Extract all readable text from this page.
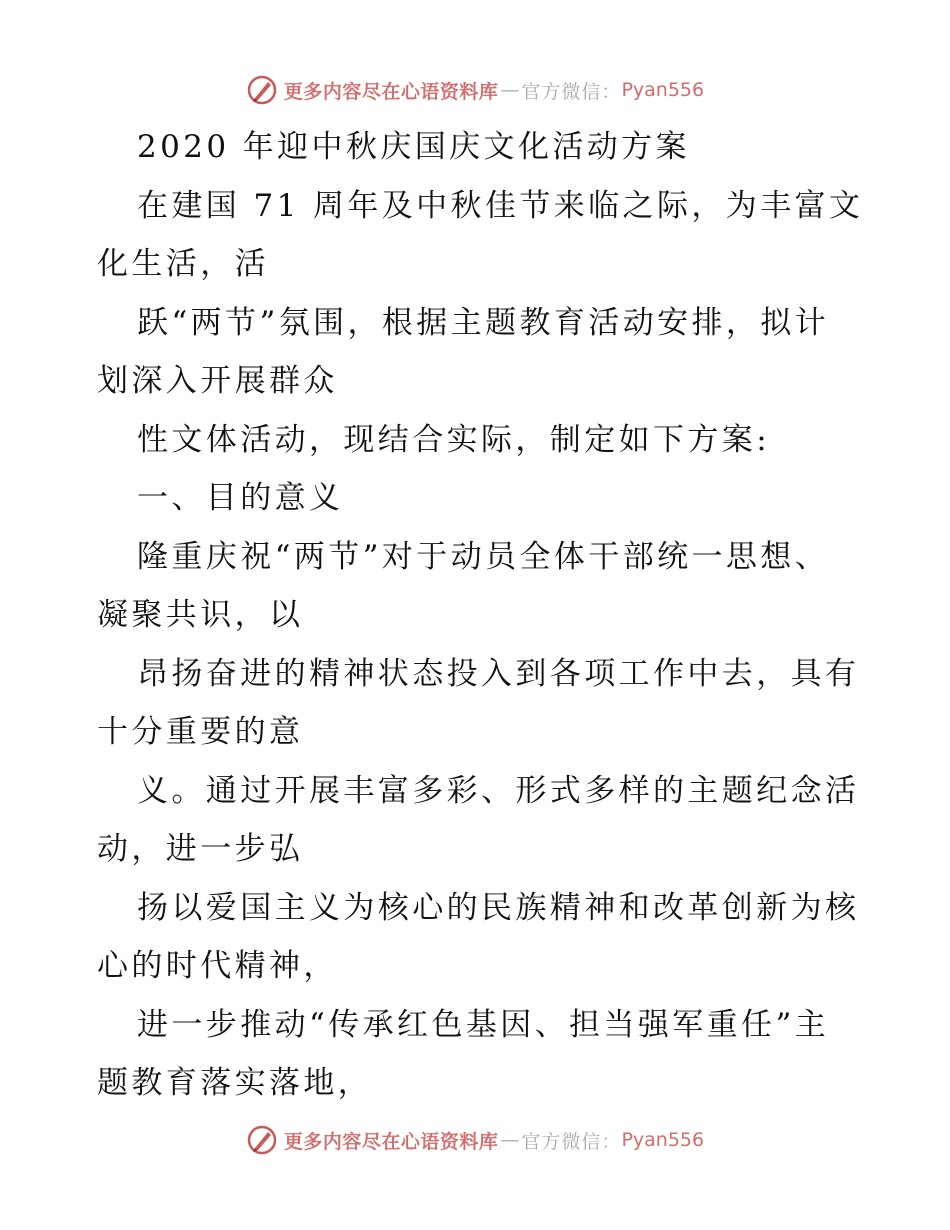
更多内容尽在心语资料库 — 官方微信： Pyan556
2020 年迎中秋庆国庆文化活动方案
在建国 71 周年及中秋佳节来临之际，为丰富文
化生活，活
跃“两节”氛围，根据主题教育活动安排，拟计
划深入开展群众
性文体活动，现结合实际，制定如下方案:
一、目的意义
隆重庆祝“两节”对于动员全体干部统一思想、
凝聚共识，以
昂扬奋进的精神状态投入到各项工作中去，具有
十分重要的意
义。通过开展丰富多彩、形式多样的主题纪念活
动，进一步弘
扬以爱国主义为核心的民族精神和改革创新为核
心的时代精神，
进一步推动“传承红色基因、担当强军重任”主
题教育落实落地，
更多内容尽在心语资料库 — 官方微信： Pyan556
